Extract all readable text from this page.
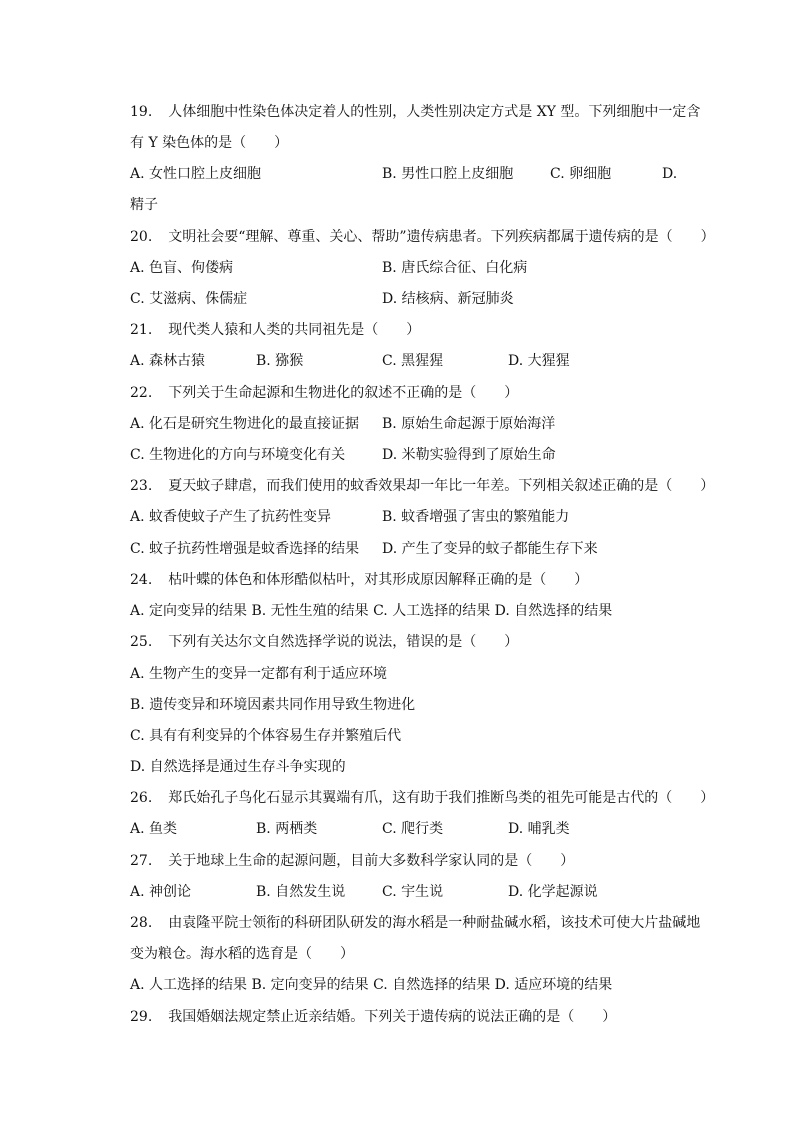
19. 人体细胞中性染色体决定着人的性别，人类性别决定方式是 XY 型。下列细胞中一定含
有 Y 染色体的是（　　）
A. 女性口腔上皮细胞	B. 男性口腔上皮细胞	C. 卵细胞	D.
精子
20. 文明社会要“理解、尊重、关心、帮助”遗传病患者。下列疾病都属于遗传病的是（　　）
A. 色盲、佝偻病	B. 唐氏综合征、白化病
C. 艾滋病、侏儒症	D. 结核病、新冠肺炎
21. 现代类人猿和人类的共同祖先是（　　）
A. 森林古猿	B. 猕猴	C. 黑猩猩	D. 大猩猩
22. 下列关于生命起源和生物进化的叙述不正确的是（　　）
A. 化石是研究生物进化的最直接证据 B. 原始生命起源于原始海洋
C. 生物进化的方向与环境变化有关	D. 米勒实验得到了原始生命
23. 夏天蚊子肆虐，而我们使用的蚊香效果却一年比一年差。下列相关叙述正确的是（　　）
A. 蚊香使蚊子产生了抗药性变异	B. 蚊香增强了害虫的繁殖能力
C. 蚊子抗药性增强是蚊香选择的结果 D. 产生了变异的蚊子都能生存下来
24. 枯叶蝶的体色和体形酷似枯叶，对其形成原因解释正确的是（　　）
A. 定向变异的结果 B. 无性生殖的结果 C. 人工选择的结果 D. 自然选择的结果
25. 下列有关达尔文自然选择学说的说法，错误的是（　　）
A. 生物产生的变异一定都有利于适应环境
B. 遗传变异和环境因素共同作用导致生物进化
C. 具有有利变异的个体容易生存并繁殖后代
D. 自然选择是通过生存斗争实现的
26. 郑氏始孔子鸟化石显示其翼端有爪，这有助于我们推断鸟类的祖先可能是古代的（　　）
A. 鱼类	B. 两栖类	C. 爬行类	D. 哺乳类
27. 关于地球上生命的起源问题，目前大多数科学家认同的是（　　）
A. 神创论	B. 自然发生说	C. 宇生说	D. 化学起源说
28. 由袁隆平院士领衔的科研团队研发的海水稻是一种耐盐碱水稻，该技术可使大片盐碱地
变为粮仓。海水稻的选育是（　　）
A. 人工选择的结果 B. 定向变异的结果 C. 自然选择的结果 D. 适应环境的结果
29. 我国婚姻法规定禁止近亲结婚。下列关于遗传病的说法正确的是（　　）
